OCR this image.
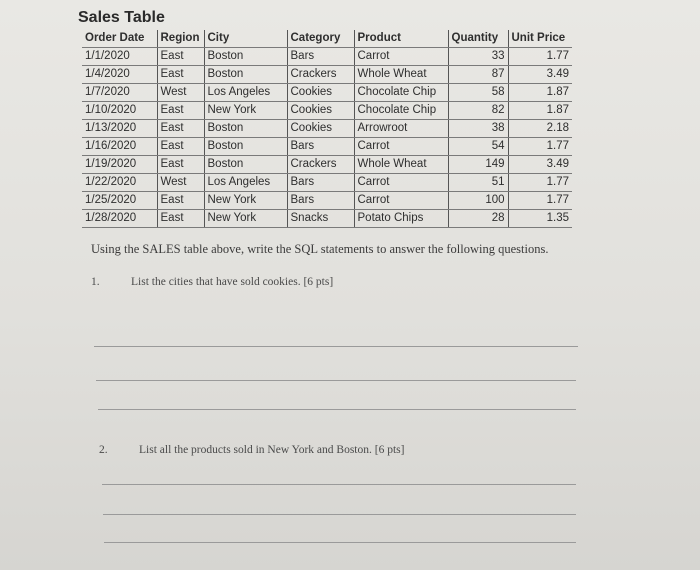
Sales Table
Order Date	Region	City	Category	Product	Quantity	Unit Price
1/1/2020	East	Boston	Bars	Carrot	33	1.77
1/4/2020	East	Boston	Crackers	Whole Wheat	87	3.49
1/7/2020	West	Los Angeles	Cookies	Chocolate Chip	58	1.87
1/10/2020	East	New York	Cookies	Chocolate Chip	82	1.87
1/13/2020	East	Boston	Cookies	Arrowroot	38	2.18
1/16/2020	East	Boston	Bars	Carrot	54	1.77
1/19/2020	East	Boston	Crackers	Whole Wheat	149	3.49
1/22/2020	West	Los Angeles	Bars	Carrot	51	1.77
1/25/2020	East	New York	Bars	Carrot	100	1.77
1/28/2020	East	New York	Snacks	Potato Chips	28	1.35
Using the SALES table above, write the SQL statements to answer the following questions.
1.	List the cities that have sold cookies. [6 pts]
2.	List all the products sold in New York and Boston. [6 pts]
